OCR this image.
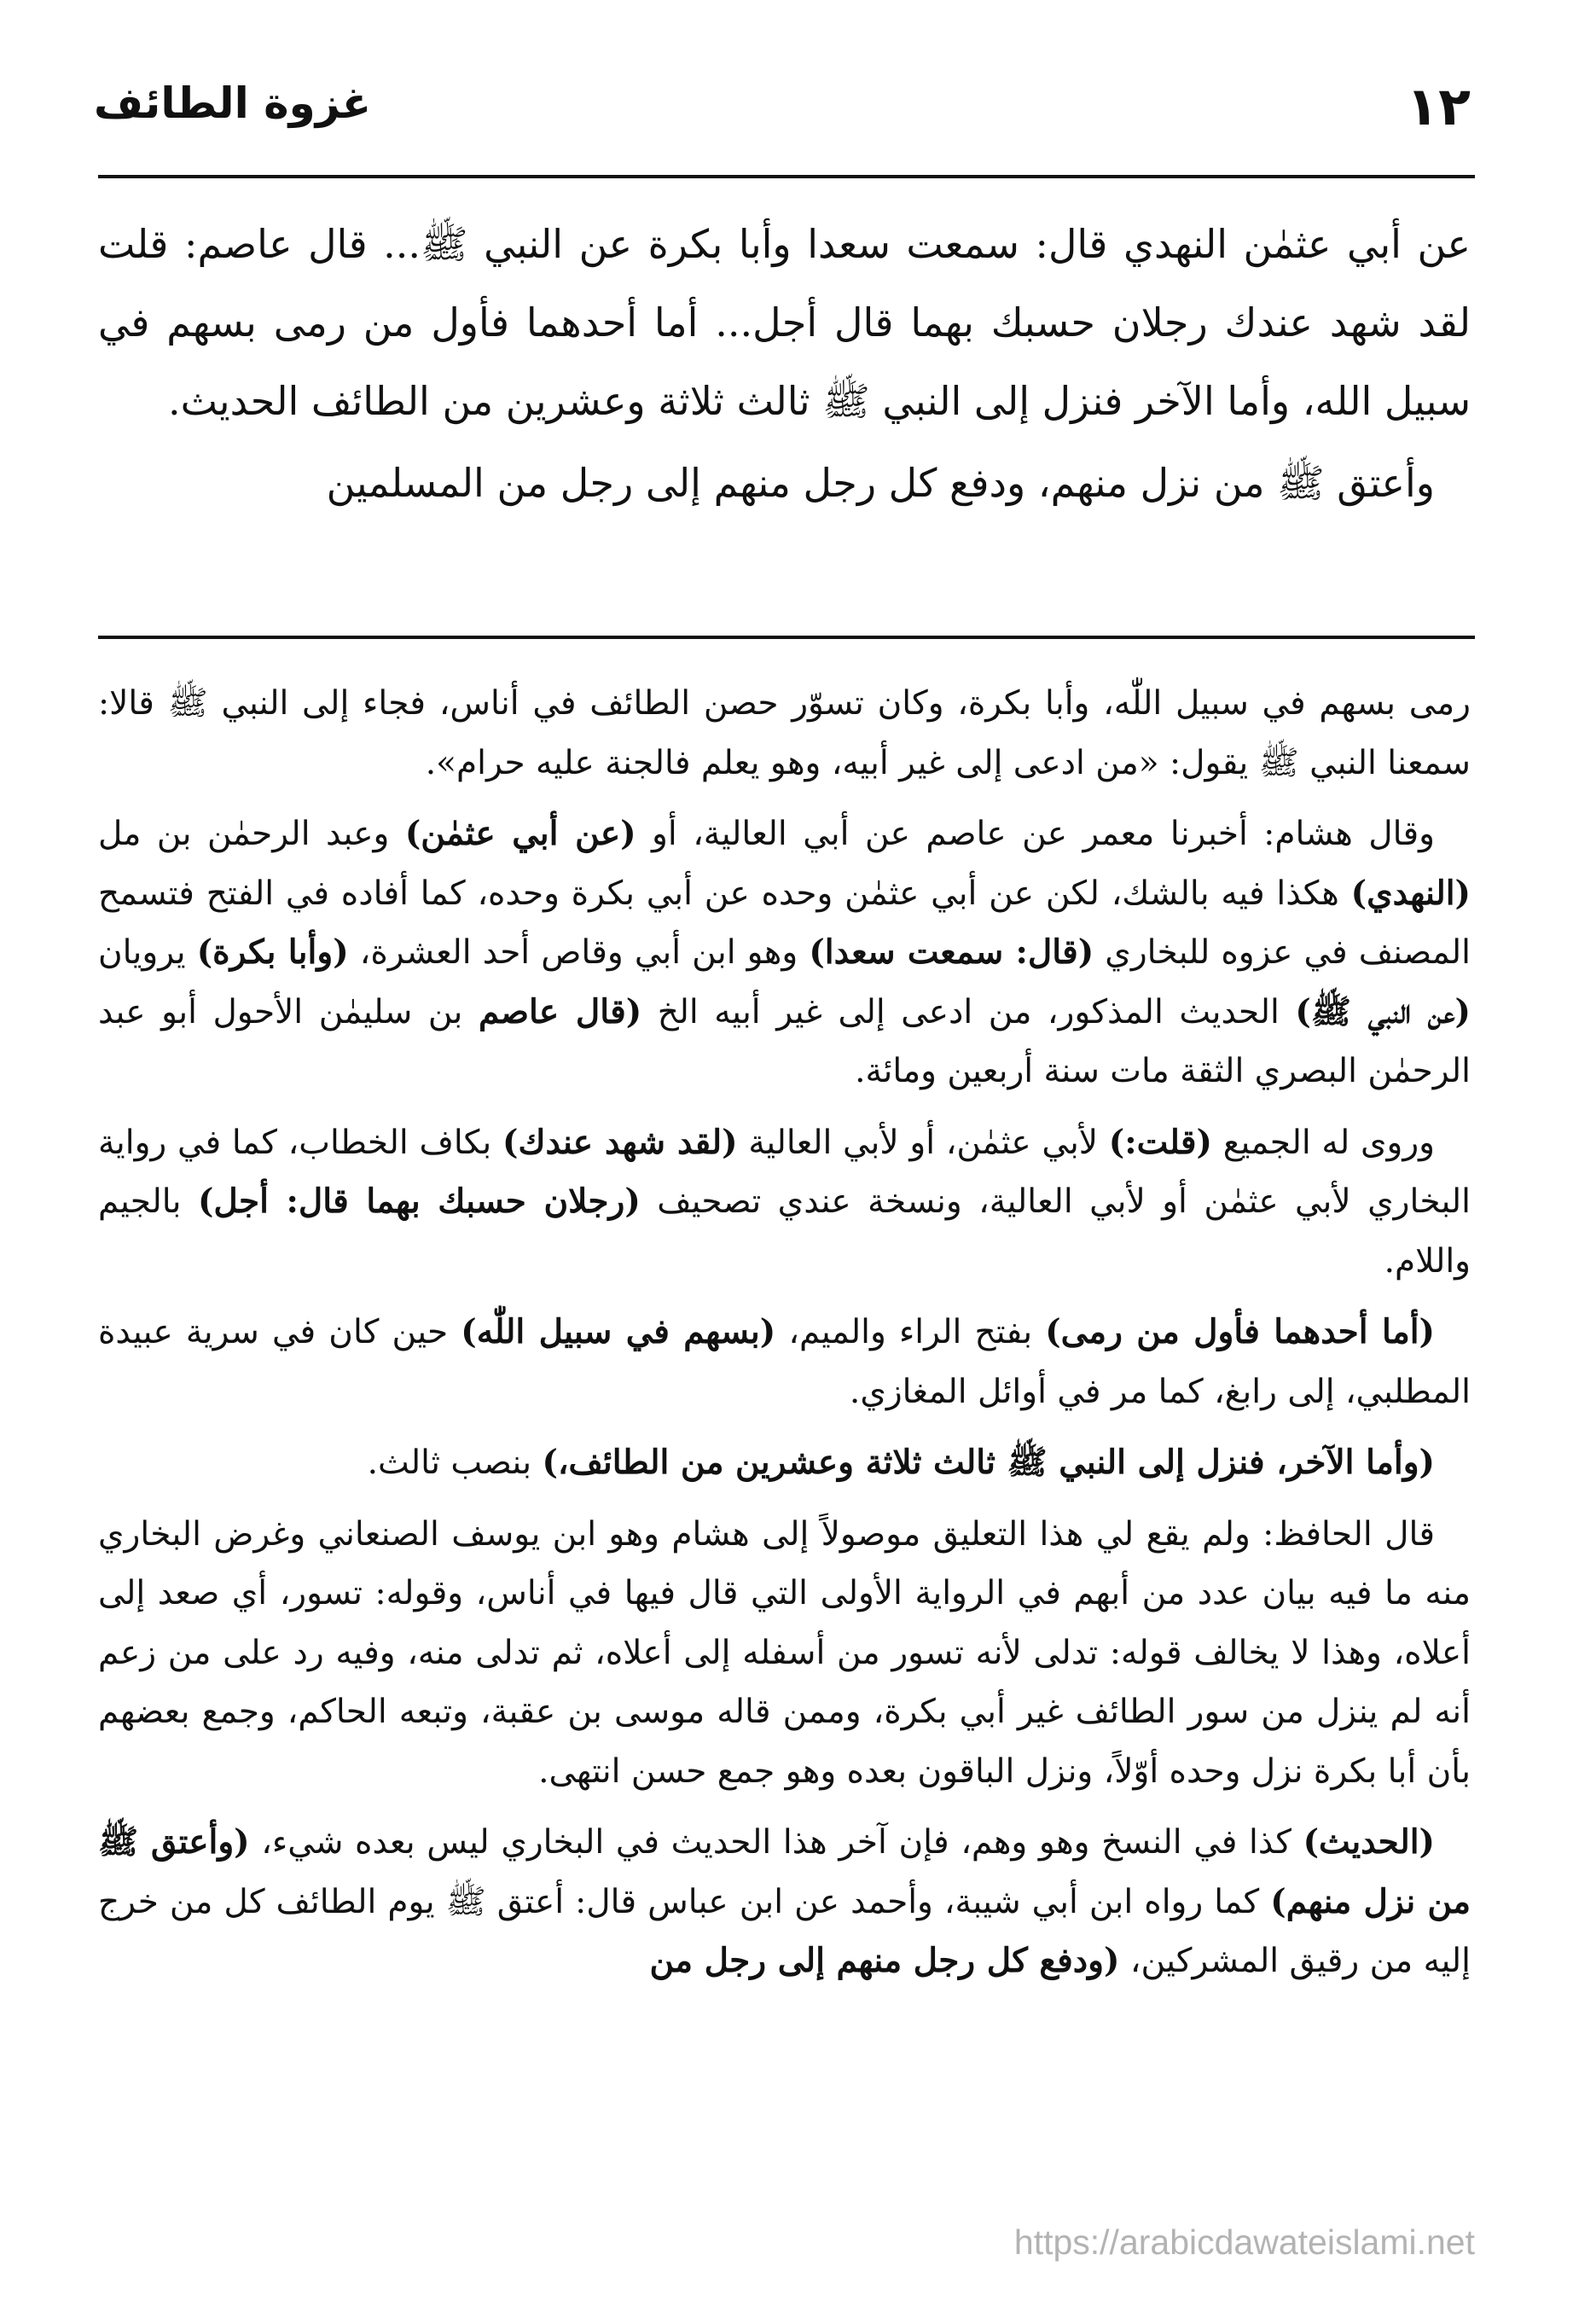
١٢
غزوة الطائف

عن أبي عثمٰن النهدي قال: سمعت سعدا وأبا بكرة عن النبي ﷺ... قال عاصم: قلت لقد شهد عندك رجلان حسبك بهما قال أجل... أما أحدهما فأول من رمى بسهم في سبيل الله، وأما الآخر فنزل إلى النبي ﷺ ثالث ثلاثة وعشرين من الطائف الحديث.

وأعتق ﷺ من نزل منهم، ودفع كل رجل منهم إلى رجل من المسلمين

رمى بسهم في سبيل اللّٰه، وأبا بكرة، وكان تسوّر حصن الطائف في أناس، فجاء إلى النبي ﷺ قالا: سمعنا النبي ﷺ يقول: «من ادعى إلى غير أبيه، وهو يعلم فالجنة عليه حرام».

وقال هشام: أخبرنا معمر عن عاصم عن أبي العالية، أو (عن أبي عثمٰن) وعبد الرحمٰن بن مل (النهدي) هكذا فيه بالشك، لكن عن أبي عثمٰن وحده عن أبي بكرة وحده، كما أفاده في الفتح فتسمح المصنف في عزوه للبخاري (قال: سمعت سعدا) وهو ابن أبي وقاص أحد العشرة، (وأبا بكرة) يرويان (عن النبي ﷺ) الحديث المذكور، من ادعى إلى غير أبيه الخ (قال عاصم بن سليمٰن الأحول أبو عبد الرحمٰن البصري الثقة مات سنة أربعين ومائة.

وروى له الجميع (قلت:) لأبي عثمٰن، أو لأبي العالية (لقد شهد عندك) بكاف الخطاب، كما في رواية البخاري لأبي عثمٰن أو لأبي العالية، ونسخة عندي تصحيف (رجلان حسبك بهما قال: أجل) بالجيم واللام.

(أما أحدهما فأول من رمى) بفتح الراء والميم، (بسهم في سبيل اللّٰه) حين كان في سرية عبيدة المطلبي، إلى رابغ، كما مر في أوائل المغازي.

(وأما الآخر، فنزل إلى النبي ﷺ ثالث ثلاثة وعشرين من الطائف،) بنصب ثالث.

قال الحافظ: ولم يقع لي هذا التعليق موصولاً إلى هشام وهو ابن يوسف الصنعاني وغرض البخاري منه ما فيه بيان عدد من أبهم في الرواية الأولى التي قال فيها في أناس، وقوله: تسور، أي صعد إلى أعلاه، وهذا لا يخالف قوله: تدلى لأنه تسور من أسفله إلى أعلاه، ثم تدلى منه، وفيه رد على من زعم أنه لم ينزل من سور الطائف غير أبي بكرة، وممن قاله موسى بن عقبة، وتبعه الحاكم، وجمع بعضهم بأن أبا بكرة نزل وحده أوّلاً، ونزل الباقون بعده وهو جمع حسن انتهى.

(الحديث) كذا في النسخ وهو وهم، فإن آخر هذا الحديث في البخاري ليس بعده شيء، (وأعتق ﷺ من نزل منهم) كما رواه ابن أبي شيبة، وأحمد عن ابن عباس قال: أعتق ﷺ يوم الطائف كل من خرج إليه من رقيق المشركين، (ودفع كل رجل منهم إلى رجل من

https://arabicdawateislami.net
